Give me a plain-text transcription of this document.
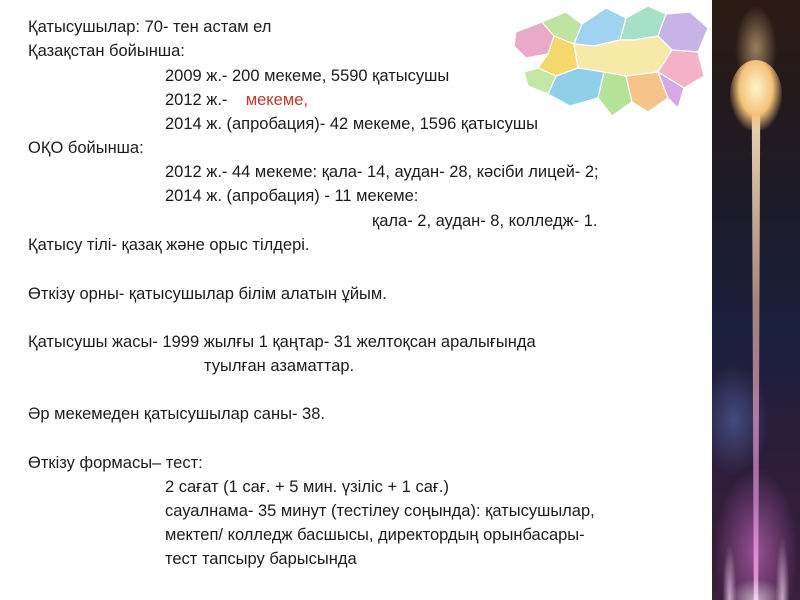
Қатысушылар: 70- тен астам ел
Қазақстан бойынша:
2009 ж.- 200 мекеме, 5590 қатысушы
2012 ж.-    мекеме,
2014 ж. (апробация)- 42 мекеме, 1596 қатысушы
ОҚО бойынша:
2012 ж.- 44 мекеме: қала- 14, аудан- 28, кәсіби лицей- 2;
2014 ж. (апробация) - 11 мекеме:
қала- 2, аудан- 8, колледж- 1.
Қатысу тілі- қазақ және орыс тілдері.
Өткізу орны- қатысушылар білім алатын ұйым.
Қатысушы жасы- 1999 жылғы 1 қаңтар- 31 желтоқсан аралығында
туылған азаматтар.
Әр мекемеден қатысушылар саны- 38.
Өткізу формасы– тест:
2 сағат (1 сағ. + 5 мин. үзіліс + 1 сағ.)
сауалнама- 35 минут (тестілеу соңында): қатысушылар,
мектеп/ колледж басшысы, директордың орынбасары-
тест тапсыру барысында
